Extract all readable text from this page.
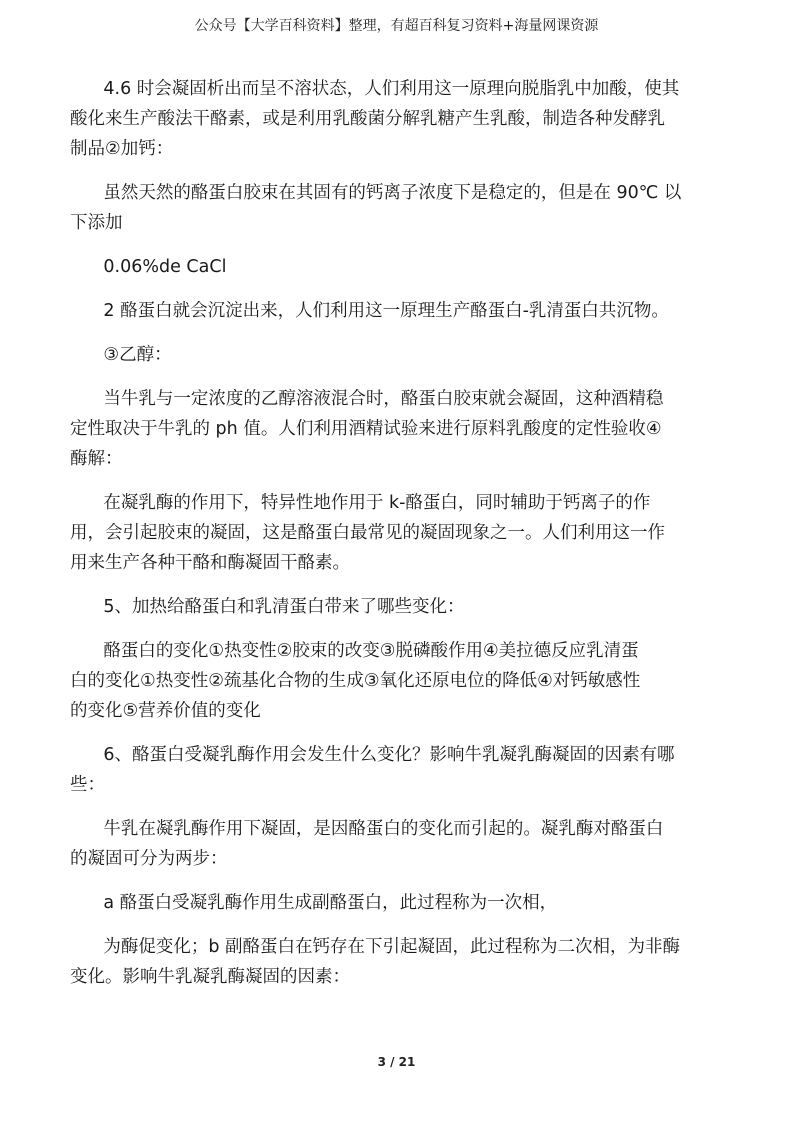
公众号【大学百科资料】整理，有超百科复习资料+海量网课资源

4.6 时会凝固析出而呈不溶状态，人们利用这一原理向脱脂乳中加酸，使其
酸化来生产酸法干酪素，或是利用乳酸菌分解乳糖产生乳酸，制造各种发酵乳
制品②加钙：

虽然天然的酪蛋白胶束在其固有的钙离子浓度下是稳定的，但是在 90℃ 以
下添加

0.06%de CaCl

2 酪蛋白就会沉淀出来，人们利用这一原理生产酪蛋白-乳清蛋白共沉物。

③乙醇：

当牛乳与一定浓度的乙醇溶液混合时，酪蛋白胶束就会凝固，这种酒精稳
定性取决于牛乳的 ph 值。人们利用酒精试验来进行原料乳酸度的定性验收④
酶解：

在凝乳酶的作用下，特异性地作用于 k-酪蛋白，同时辅助于钙离子的作
用，会引起胶束的凝固，这是酪蛋白最常见的凝固现象之一。人们利用这一作
用来生产各种干酪和酶凝固干酪素。

5、加热给酪蛋白和乳清蛋白带来了哪些变化：

酪蛋白的变化①热变性②胶束的改变③脱磷酸作用④美拉德反应乳清蛋
白的变化①热变性②巯基化合物的生成③氧化还原电位的降低④对钙敏感性
的变化⑤营养价值的变化

6、酪蛋白受凝乳酶作用会发生什么变化？影响牛乳凝乳酶凝固的因素有哪
些：

牛乳在凝乳酶作用下凝固，是因酪蛋白的变化而引起的。凝乳酶对酪蛋白
的凝固可分为两步：

a 酪蛋白受凝乳酶作用生成副酪蛋白，此过程称为一次相，

为酶促变化；b 副酪蛋白在钙存在下引起凝固，此过程称为二次相，为非酶
变化。影响牛乳凝乳酶凝固的因素：

3 / 21
